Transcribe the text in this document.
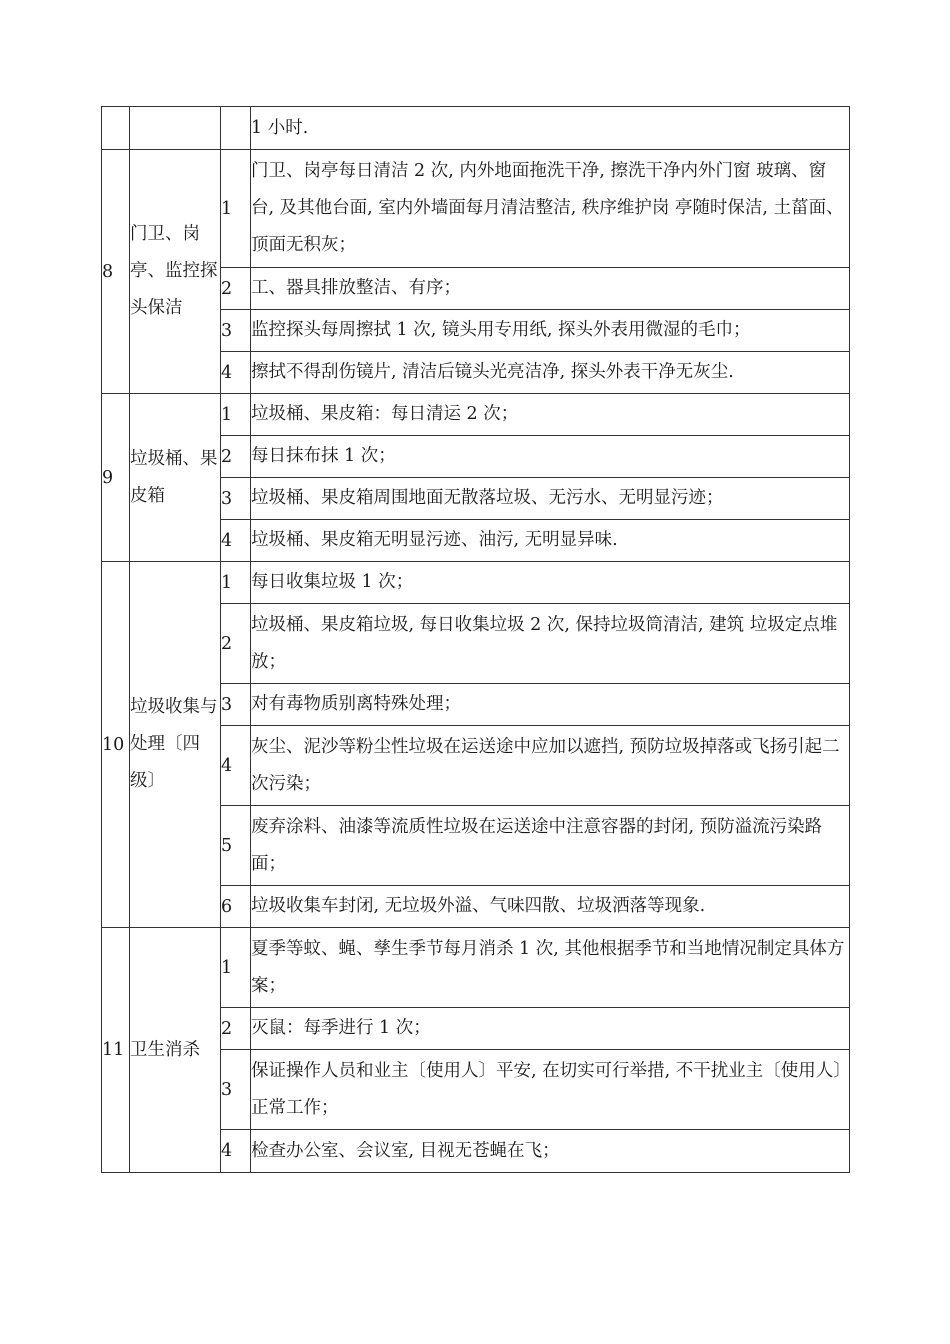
			1 小时.
8	门卫、岗亭、监控探头保洁	1	门卫、岗亭每日清洁 2 次, 内外地面拖洗干净, 擦洗干净内外门窗 玻璃、窗台, 及其他台面, 室内外墙面每月清洁整洁, 秩序维护岗 亭随时保洁, 土菑面、顶面无积灰；
		2	工、器具排放整洁、有序；
		3	监控探头每周擦拭 1 次, 镜头用专用纸, 探头外表用微湿的毛巾；
		4	擦拭不得刮伤镜片, 清洁后镜头光亮洁净, 探头外表干净无灰尘.
9	垃圾桶、果皮箱	1	垃圾桶、果皮箱：每日清运 2 次；
		2	每日抹布抹 1 次；
		3	垃圾桶、果皮箱周围地面无散落垃圾、无污水、无明显污迹；
		4	垃圾桶、果皮箱无明显污迹、油污, 无明显异味.
10	垃圾收集与处理〔四级〕	1	每日收集垃圾 1 次；
		2	垃圾桶、果皮箱垃圾, 每日收集垃圾 2 次, 保持垃圾筒清洁, 建筑 垃圾定点堆放；
		3	对有毒物质别离特殊处理；
		4	灰尘、泥沙等粉尘性垃圾在运送途中应加以遮挡, 预防垃圾掉落或飞扬引起二次污染；
		5	废弃涂料、油漆等流质性垃圾在运送途中注意容器的封闭, 预防溢流污染路面；
		6	垃圾收集车封闭, 无垃圾外溢、气味四散、垃圾洒落等现象.
11	卫生消杀	1	夏季等蚊、蝇、孳生季节每月消杀 1 次, 其他根据季节和当地情况制定具体方案；
		2	灭鼠：每季进行 1 次；
		3	保证操作人员和业主〔使用人〕平安, 在切实可行举措, 不干扰业主〔使用人〕正常工作；
		4	检查办公室、会议室, 目视无苍蝇在飞；
